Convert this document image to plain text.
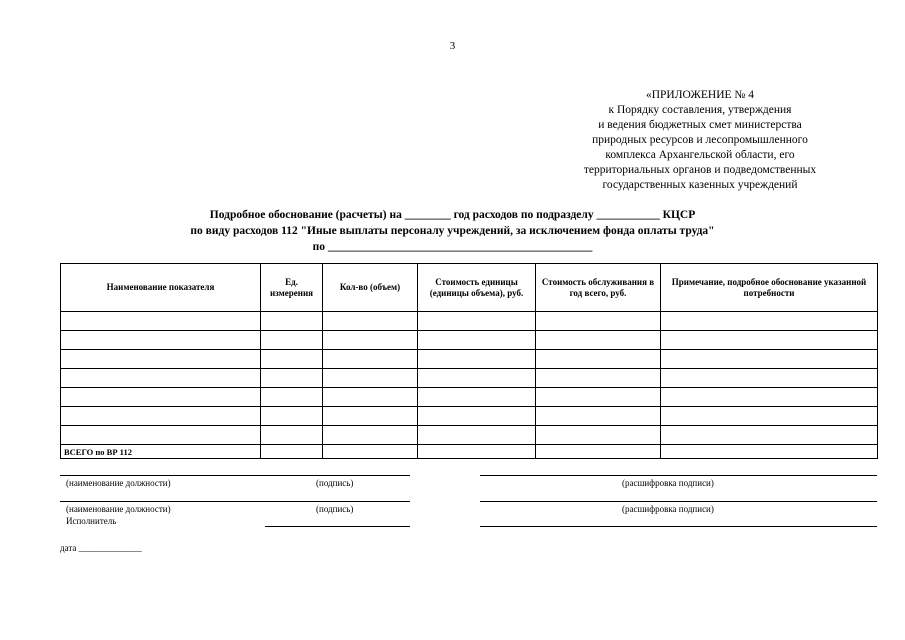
3
«ПРИЛОЖЕНИЕ № 4
к Порядку составления, утверждения
и ведения бюджетных смет министерства
природных ресурсов и лесопромышленного
комплекса Архангельской области, его
территориальных органов и подведомственных
государственных казенных учреждений
Подробное обоснование (расчеты) на ________ год расходов по подразделу ___________ КЦСР
по виду расходов 112 "Иные выплаты персоналу учреждений, за исключением фонда оплаты труда"
по ______________________________________________
Наименование показателя	Ед. измерения	Кол-во (объем)	Стоимость единицы (единицы объема), руб.	Стоимость обслуживания в год всего, руб.	Примечание, подробное обоснование указанной потребности

ВСЕГО по ВР 112					
(наименование должности)	(подпись)	(расшифровка подписи)
(наименование должности)	(подпись)	(расшифровка подписи)
Исполнитель
дата ______________
